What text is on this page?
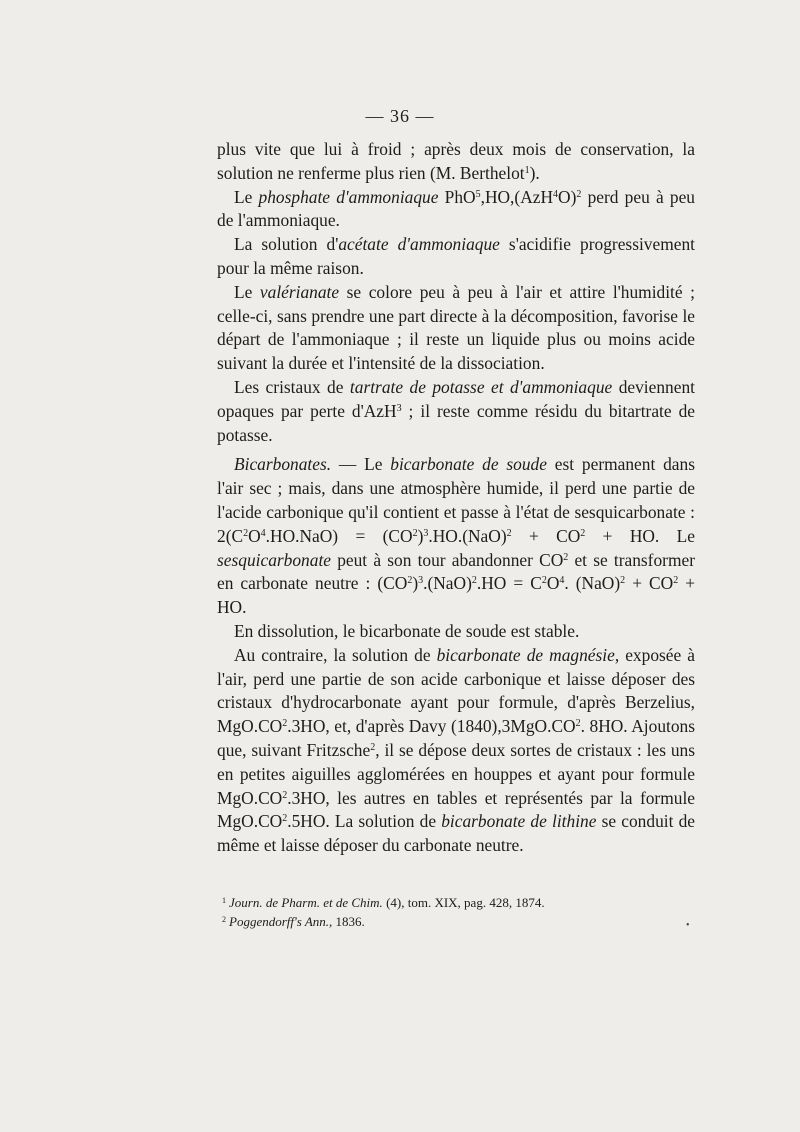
— 36 —

plus vite que lui à froid ; après deux mois de conservation, la solution ne renferme plus rien (M. Berthelot$^1$).

Le phosphate d'ammoniaque $PhO^5,HO,(AzH^4O)^2$ perd peu à peu de l'ammoniaque.

La solution d'acétate d'ammoniaque s'acidifie progressivement pour la même raison.

Le valérianate se colore peu à peu à l'air et attire l'humidité ; celle-ci, sans prendre une part directe à la décomposition, favorise le départ de l'ammoniaque ; il reste un liquide plus ou moins acide suivant la durée et l'intensité de la dissociation.

Les cristaux de tartrate de potasse et d'ammoniaque deviennent opaques par perte d'AzH$^3$ ; il reste comme résidu du bitartrate de potasse.

Bicarbonates. — Le bicarbonate de soude est permanent dans l'air sec ; mais, dans une atmosphère humide, il perd une partie de l'acide carbonique qu'il contient et passe à l'état de sesquicarbonate : $2(C^2O^4.HO.NaO) = (CO^2)^3.HO.(NaO)^2 + CO^2$ + HO. Le sesquicarbonate peut à son tour abandonner $CO^2$ et se transformer en carbonate neutre : $(CO^2)^3.(NaO)^2.HO = C^2O^4$. $(NaO)^2 + CO^2$ + HO.

En dissolution, le bicarbonate de soude est stable.

Au contraire, la solution de bicarbonate de magnésie, exposée à l'air, perd une partie de son acide carbonique et laisse déposer des cristaux d'hydrocarbonate ayant pour formule, d'après Berzelius, $MgO.CO^2.3HO$, et, d'après Davy $(1840),3MgO.CO^2$. 8HO. Ajoutons que, suivant Fritzsche$^2$, il se dépose deux sortes de cristaux : les uns en petites aiguilles agglomérées en houppes et ayant pour formule $MgO.CO^2.3HO$, les autres en tables et représentés par la formule $MgO.CO^2.5HO$. La solution de bicarbonate de lithine se conduit de même et laisse déposer du carbonate neutre.

$^1$ Journ. de Pharm. et de Chim. (4), tom. XIX, pag. 428, 1874.

$^2$ Poggendorff's Ann., 1836.	•
